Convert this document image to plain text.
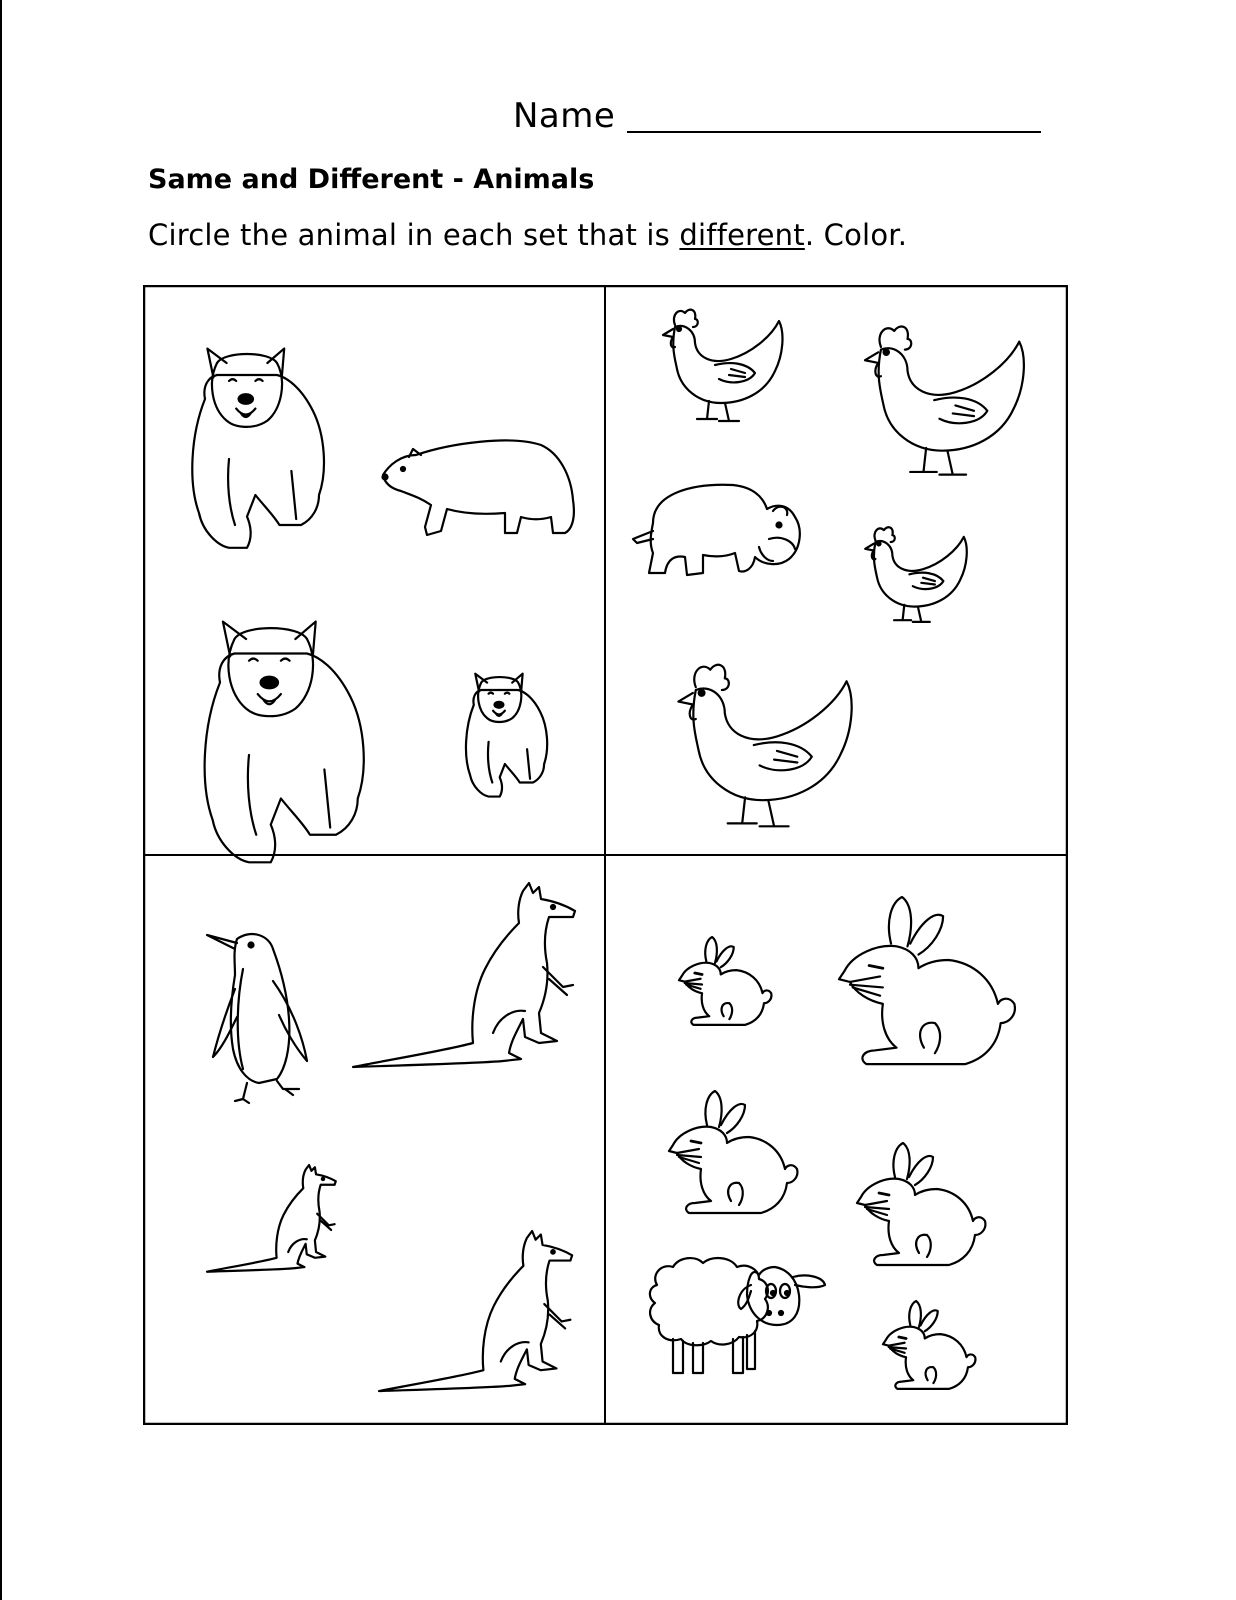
Name
Same and Different - Animals
Circle the animal in each set that is different. Color.
